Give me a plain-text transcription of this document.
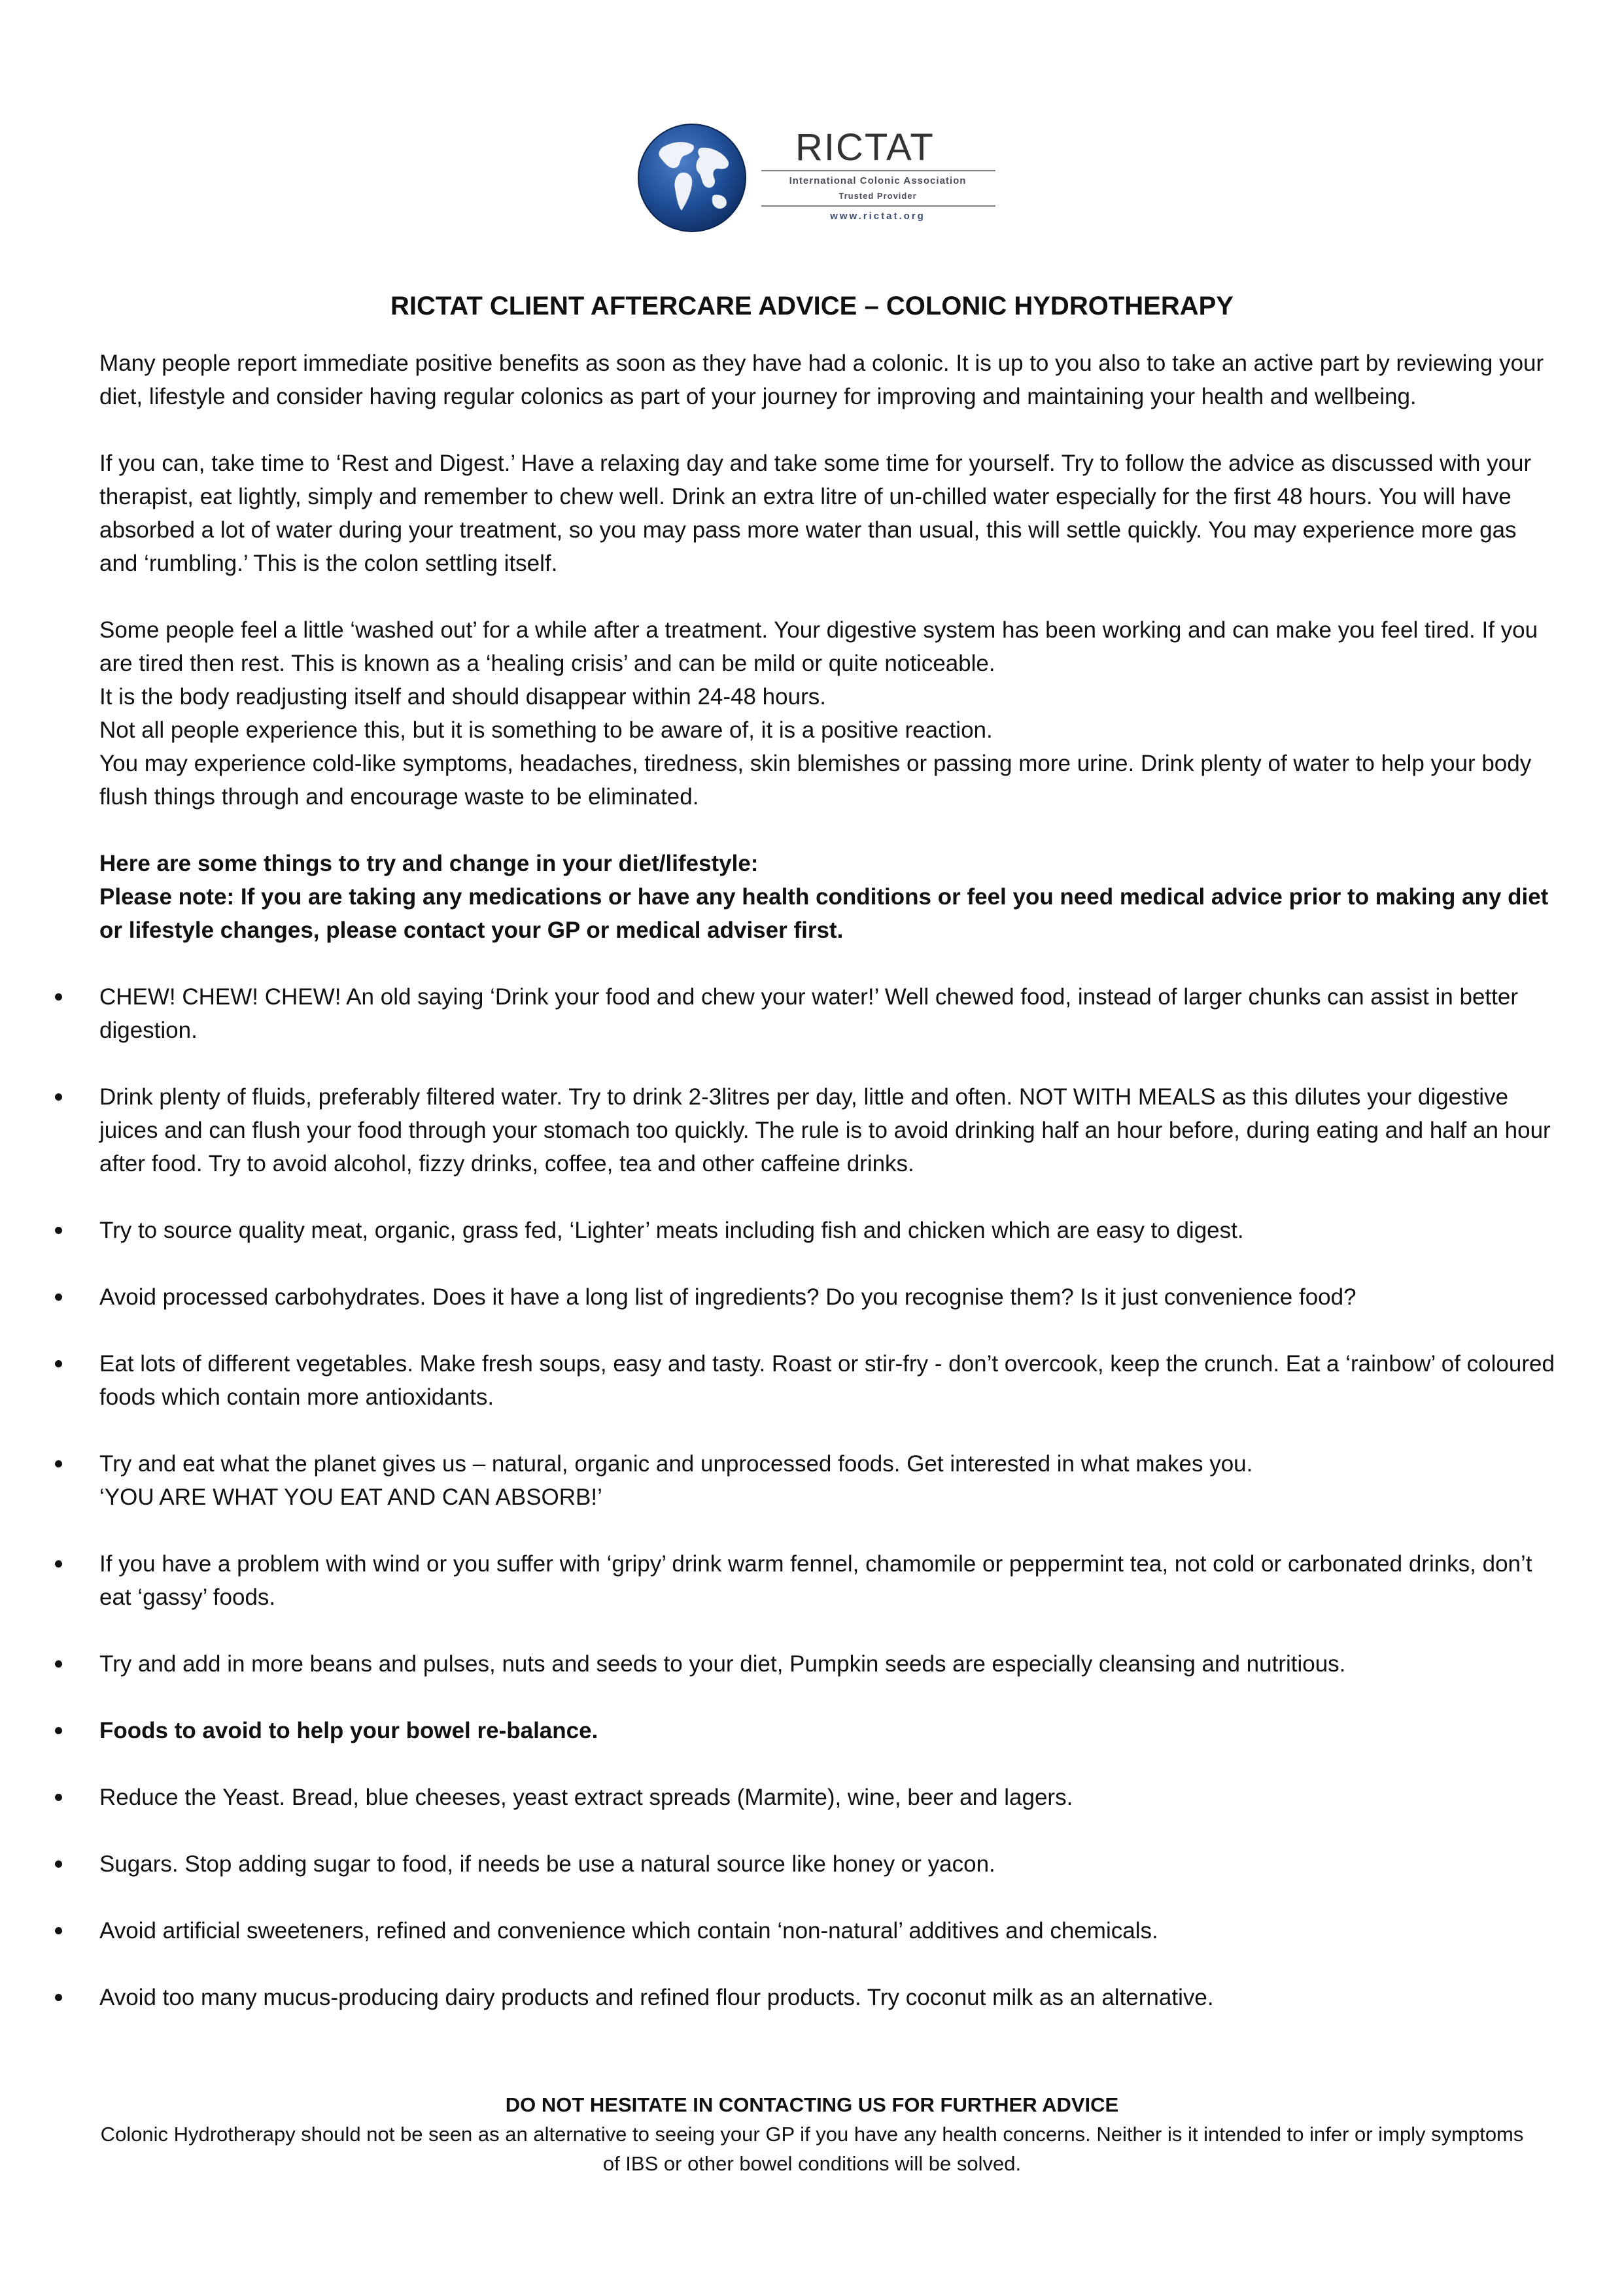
RICTAT
International Colonic Association
Trusted Provider
www.rictat.org
RICTAT CLIENT AFTERCARE ADVICE – COLONIC HYDROTHERAPY

Many people report immediate positive benefits as soon as they have had a colonic. It is up to you also to take an active part by reviewing your diet, lifestyle and consider having regular colonics as part of your journey for improving and maintaining your health and wellbeing.

If you can, take time to ‘Rest and Digest.’ Have a relaxing day and take some time for yourself. Try to follow the advice as discussed with your therapist, eat lightly, simply and remember to chew well. Drink an extra litre of un-chilled water especially for the first 48 hours. You will have absorbed a lot of water during your treatment, so you may pass more water than usual, this will settle quickly. You may experience more gas and ‘rumbling.’ This is the colon settling itself.

Some people feel a little ‘washed out’ for a while after a treatment. Your digestive system has been working and can make you feel tired. If you are tired then rest. This is known as a ‘healing crisis’ and can be mild or quite noticeable.

It is the body readjusting itself and should disappear within 24-48 hours.

Not all people experience this, but it is something to be aware of, it is a positive reaction.

You may experience cold-like symptoms, headaches, tiredness, skin blemishes or passing more urine. Drink plenty of water to help your body flush things through and encourage waste to be eliminated.

Here are some things to try and change in your diet/lifestyle:

Please note: If you are taking any medications or have any health conditions or feel you need medical advice prior to making any diet or lifestyle changes, please contact your GP or medical adviser first.

CHEW! CHEW! CHEW! An old saying ‘Drink your food and chew your water!’ Well chewed food, instead of larger chunks can assist in better digestion.
Drink plenty of fluids, preferably filtered water. Try to drink 2-3litres per day, little and often. NOT WITH MEALS as this dilutes your digestive juices and can flush your food through your stomach too quickly. The rule is to avoid drinking half an hour before, during eating and half an hour after food. Try to avoid alcohol, fizzy drinks, coffee, tea and other caffeine drinks.
Try to source quality meat, organic, grass fed, ‘Lighter’ meats including fish and chicken which are easy to digest.
Avoid processed carbohydrates. Does it have a long list of ingredients? Do you recognise them? Is it just convenience food?
Eat lots of different vegetables. Make fresh soups, easy and tasty. Roast or stir-fry - don’t overcook, keep the crunch. Eat a ‘rainbow’ of coloured foods which contain more antioxidants.
Try and eat what the planet gives us – natural, organic and unprocessed foods. Get interested in what makes you.
‘YOU ARE WHAT YOU EAT AND CAN ABSORB!’
If you have a problem with wind or you suffer with ‘gripy’ drink warm fennel, chamomile or peppermint tea, not cold or carbonated drinks, don’t eat ‘gassy’ foods.
Try and add in more beans and pulses, nuts and seeds to your diet, Pumpkin seeds are especially cleansing and nutritious.
Foods to avoid to help your bowel re-balance.
Reduce the Yeast. Bread, blue cheeses, yeast extract spreads (Marmite), wine, beer and lagers.
Sugars. Stop adding sugar to food, if needs be use a natural source like honey or yacon.
Avoid artificial sweeteners, refined and convenience which contain ‘non-natural’ additives and chemicals.
Avoid too many mucus-producing dairy products and refined flour products. Try coconut milk as an alternative.
DO NOT HESITATE IN CONTACTING US FOR FURTHER ADVICE
Colonic Hydrotherapy should not be seen as an alternative to seeing your GP if you have any health concerns. Neither is it intended to infer or imply symptoms of IBS or other bowel conditions will be solved.
